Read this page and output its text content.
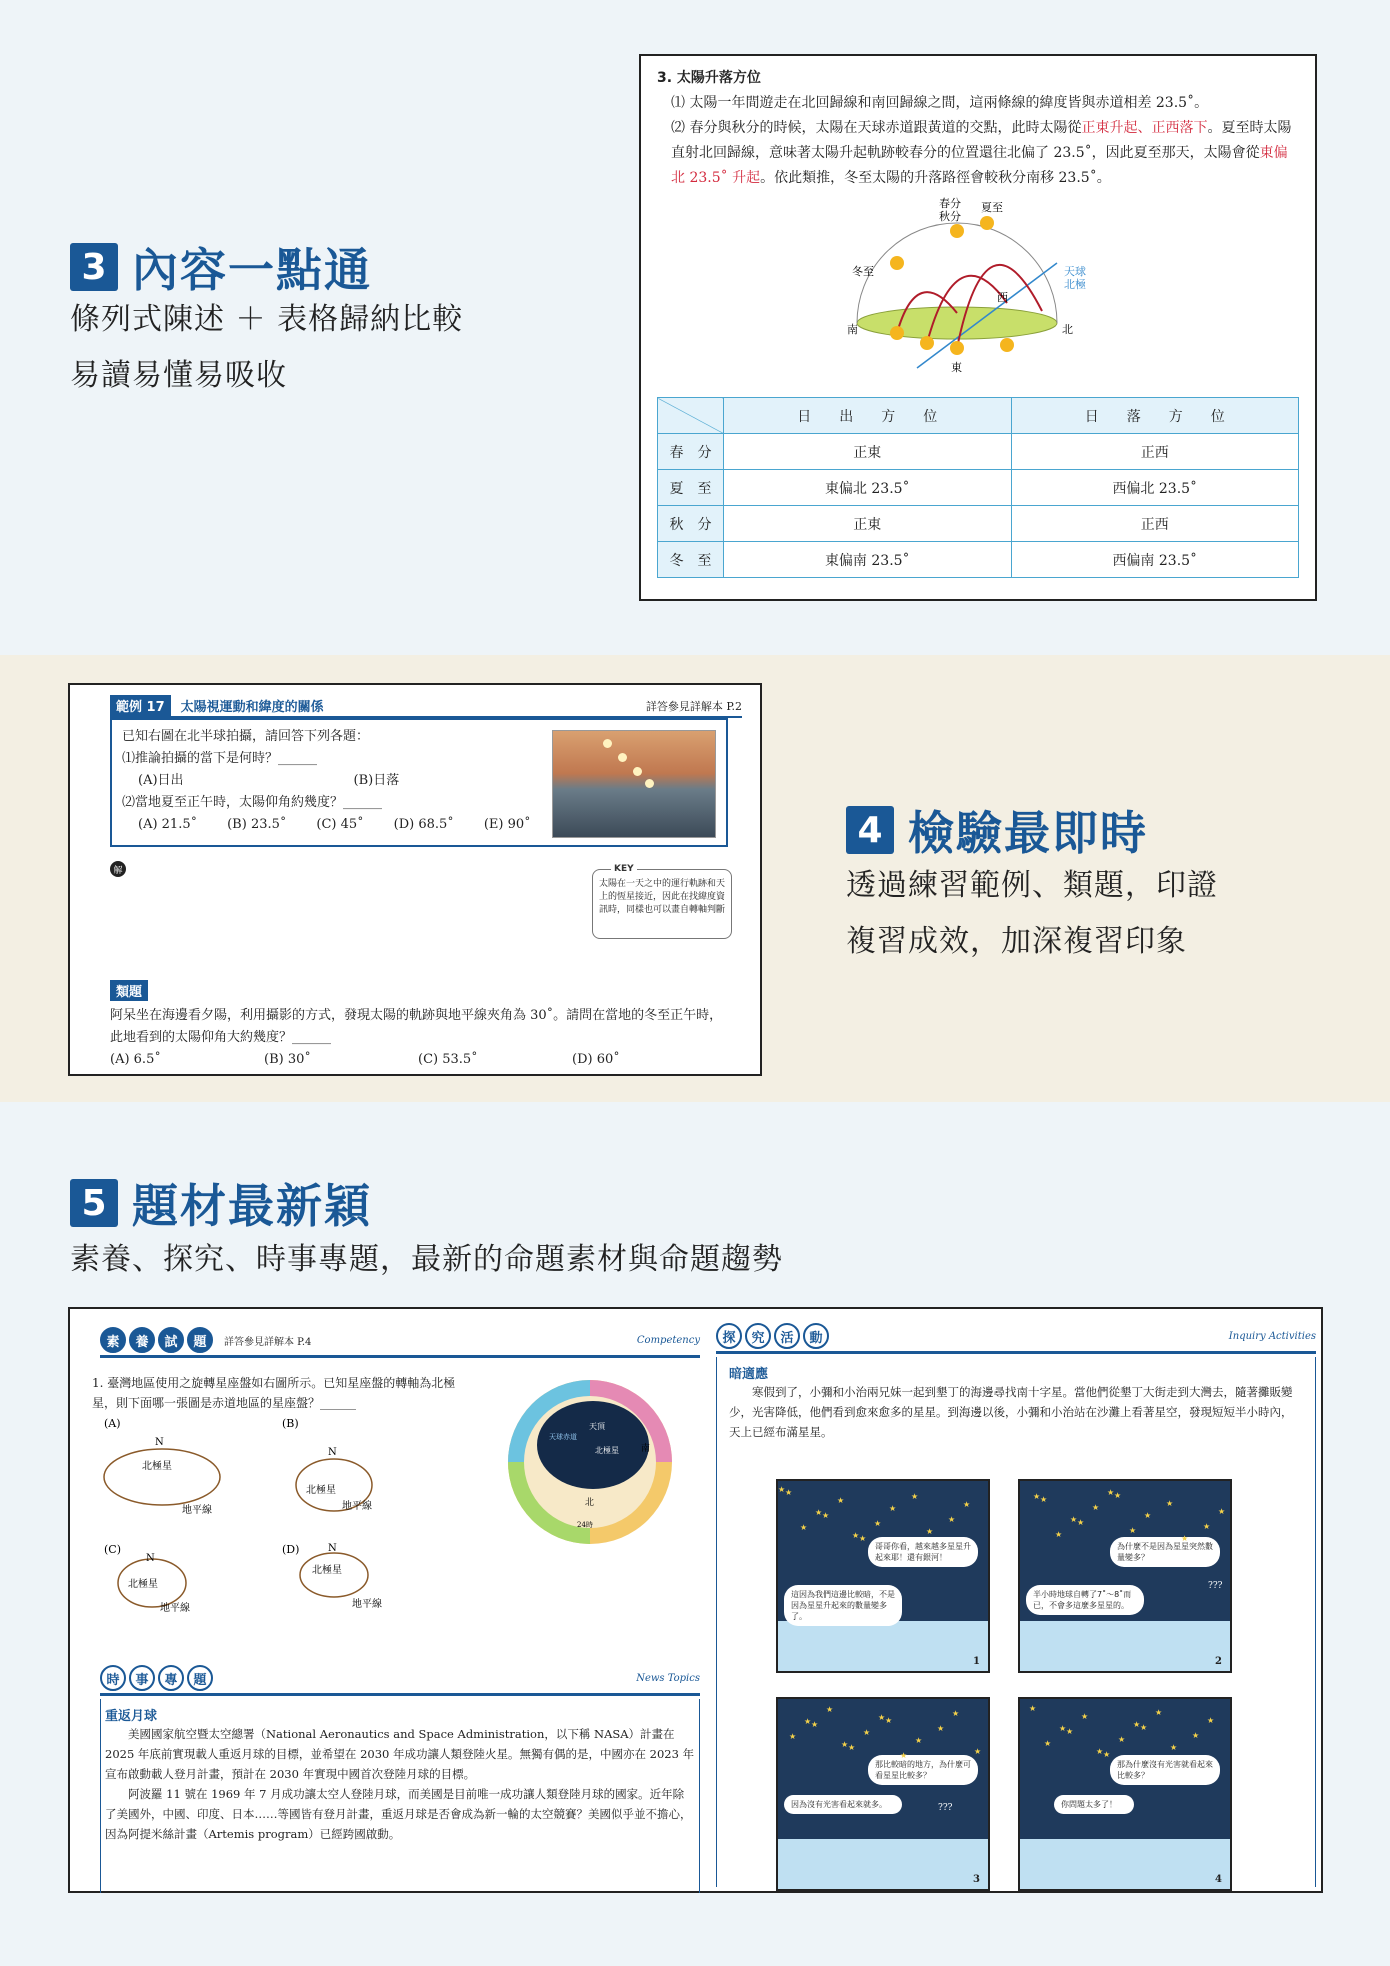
3 內容一點通
條列式陳述 ＋ 表格歸納比較
易讀易懂易吸收
3. 太陽升落方位
⑴ 太陽一年間遊走在北回歸線和南回歸線之間，這兩條線的緯度皆與赤道相差 23.5˚。
⑵ 春分與秋分的時候，太陽在天球赤道跟黃道的交點，此時太陽從正東升起、正西落下。夏至時太陽直射北回歸線，意味著太陽升起軌跡較春分的位置還往北偏了 23.5˚，因此夏至那天，太陽會從東偏北 23.5˚ 升起。依此類推，冬至太陽的升落路徑會較秋分南移 23.5˚。
春分
秋分
夏至
冬至	天球
北極
西
南	北
東
	日　　出　　方　　位	日　　落　　方　　位
春　分	正東	正西
夏　至	東偏北 23.5˚	西偏北 23.5˚
秋　分	正東	正西
冬　至	東偏南 23.5˚	西偏南 23.5˚
範例 17	太陽視運動和緯度的關係	詳答參見詳解本 P.2
已知右圖在北半球拍攝，請回答下列各題：
⑴推論拍攝的當下是何時？______
(A)日出	(B)日落
⑵當地夏至正午時，太陽仰角約幾度？______
(A) 21.5˚ (B) 23.5˚ (C) 45˚ (D) 68.5˚ (E) 90˚
解	KEY
太陽在一天之中的運行軌跡和天上的恆星接近，因此在找緯度資訊時，同樣也可以畫自轉軸判斷
類題
阿呆坐在海邊看夕陽，利用攝影的方式，發現太陽的軌跡與地平線夾角為 30˚。請問在當地的冬至正午時，此地看到的太陽仰角大約幾度？______
(A) 6.5˚	(B) 30˚	(C) 53.5˚	(D) 60˚
4 檢驗最即時
透過練習範例、類題，印證
複習成效，加深複習印象
5 題材最新穎
素養、探究、時事專題，最新的命題素材與命題趨勢
素	養	試	題	詳答參見詳解本 P.4	Competency
1. 臺灣地區使用之旋轉星座盤如右圖所示。已知星座盤的轉軸為北極星，則下面哪一張圖是赤道地區的星座盤？______
(A)	(B)
(C)	(D)
N
北極星
地平線
N
北極星
地平線
N
北極星
地平線
N
北極星
地平線
天頂
北極星
天球赤道
北
南
24時
時	事	專	題	News Topics
重返月球
美國國家航空暨太空總署（National Aeronautics and Space Administration，以下稱 NASA）計畫在 2025 年底前實現載人重返月球的目標，並希望在 2030 年成功讓人類登陸火星。無獨有偶的是，中國亦在 2023 年宣布啟動載人登月計畫，預計在 2030 年實現中國首次登陸月球的目標。
阿波羅 11 號在 1969 年 7 月成功讓太空人登陸月球，而美國是目前唯一成功讓人類登陸月球的國家。近年除了美國外，中國、印度、日本……等國皆有登月計畫，重返月球是否會成為新一輪的太空競賽？美國似乎並不擔心，因為阿提米絲計畫（Artemis program）已經跨國啟動。
探	究	活	動	Inquiry Activities
暗適應
寒假到了，小彌和小治兩兄妹一起到墾丁的海邊尋找南十字星。當他們從墾丁大街走到大灣去，隨著攤販變少，光害降低，他們看到愈來愈多的星星。到海邊以後，小彌和小治站在沙灘上看著星空，發現短短半小時內，天上已經布滿星星。
哥哥你看，越來越多星星升起來耶！還有銀河！
這因為我們這邊比較暗，不是因為星星升起來的數量變多了。
1
★
★
★
★
★
★
★
★
★
★
★
★
★
★
為什麼不是因為星星突然數量變多？
半小時地球自轉了7˚～8˚而已，不會多這麼多星星的。
???
2
★
★
★
★
★
★
★
★
★
★
★
★
★
★
那比較暗的地方，為什麼可看星星比較多？
因為沒有光害看起來就多。	???
3
★
★
★
★
★
★
★
★
★
★
★
★
★
★
那為什麼沒有光害就看起來比較多？
你問題太多了！
4
★
★
★
★
★
★
★
★
★
★
★
★
★
★
